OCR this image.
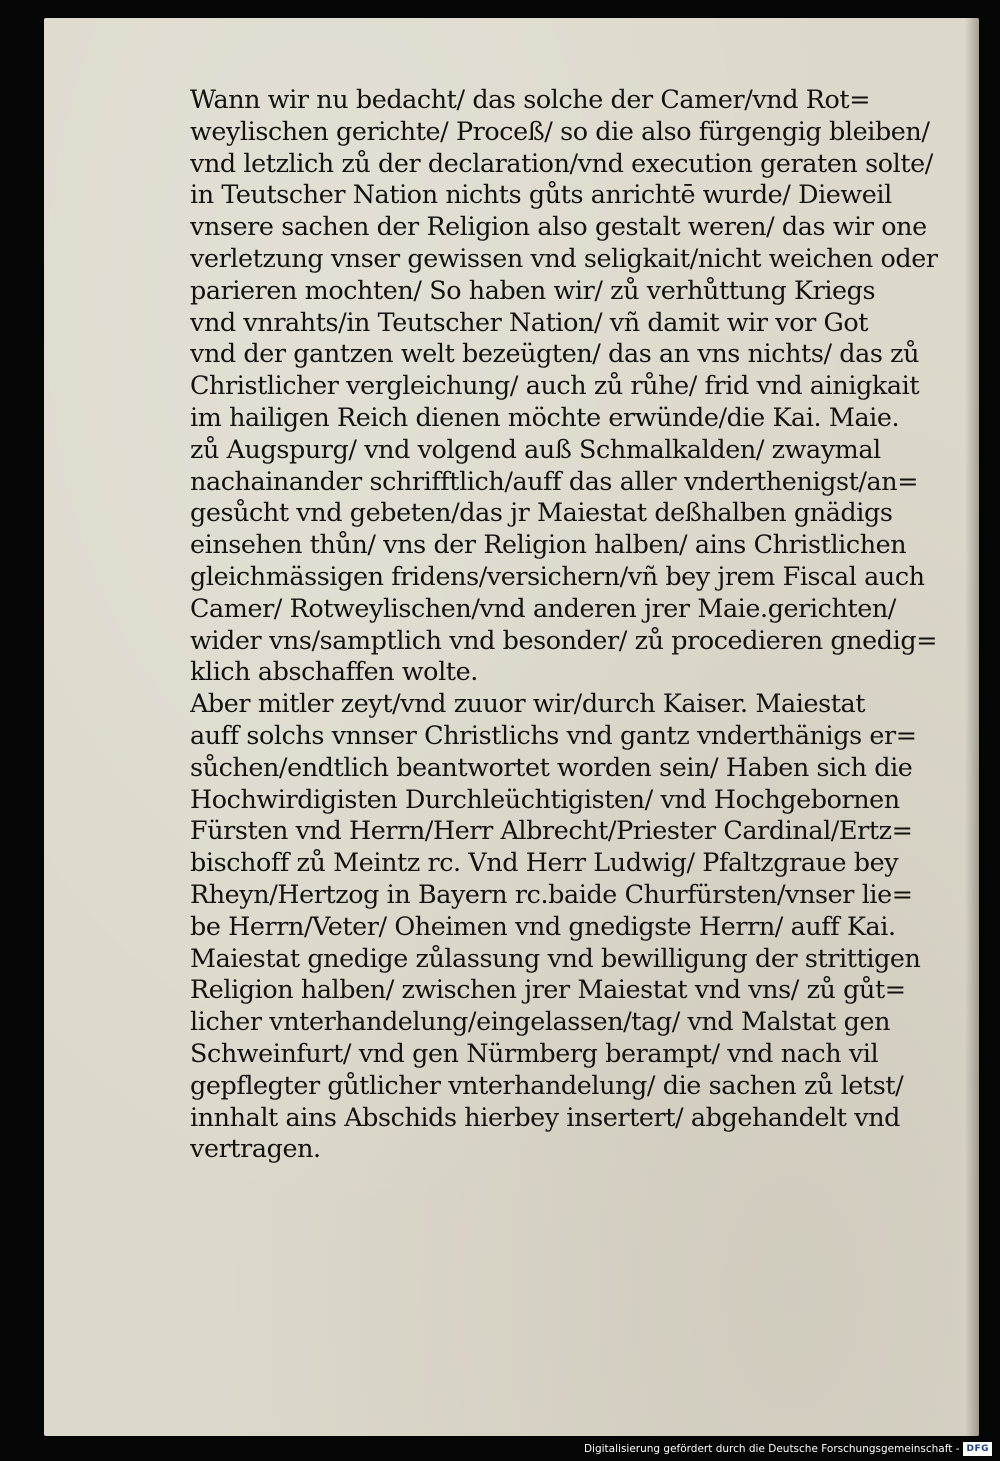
Wann wir nu bedacht/ das solche der Camer/vnd Rot=
weylischen gerichte/ Proceß/ so die also fürgengig bleiben/
vnd letzlich zů der declaration/vnd execution geraten solte/
in Teutscher Nation nichts gůts anrichtē wurde/ Dieweil
vnsere sachen der Religion also gestalt weren/ das wir one
verletzung vnser gewissen vnd seligkait/nicht weichen oder
parieren mochten/ So haben wir/ zů verhůttung Kriegs
vnd vnrahts/in Teutscher Nation/ vñ damit wir vor Got
vnd der gantzen welt bezeügten/ das an vns nichts/ das zů
Christlicher vergleichung/ auch zů růhe/ frid vnd ainigkait
im hailigen Reich dienen möchte erwünde/die Kai. Maie.
zů Augspurg/ vnd volgend auß Schmalkalden/ zwaymal
nachainander schrifftlich/auff das aller vnderthenigst/an=
gesůcht vnd gebeten/das jr Maiestat deßhalben gnädigs
einsehen thůn/ vns der Religion halben/ ains Christlichen
gleichmässigen fridens/versichern/vñ bey jrem Fiscal auch
Camer/ Rotweylischen/vnd anderen jrer Maie.gerichten/
wider vns/samptlich vnd besonder/ zů procedieren gnedig=
klich abschaffen wolte.
Aber mitler zeyt/vnd zuuor wir/durch Kaiser. Maiestat
auff solchs vnnser Christlichs vnd gantz vnderthänigs er=
sůchen/endtlich beantwortet worden sein/ Haben sich die
Hochwirdigisten Durchleüchtigisten/ vnd Hochgebornen
Fürsten vnd Herrn/Herr Albrecht/Priester Cardinal/Ertz=
bischoff zů Meintz rc. Vnd Herr Ludwig/ Pfaltzgraue bey
Rheyn/Hertzog in Bayern rc.baide Churfürsten/vnser lie=
be Herrn/Veter/ Oheimen vnd gnedigste Herrn/ auff Kai.
Maiestat gnedige zůlassung vnd bewilligung der strittigen
Religion halben/ zwischen jrer Maiestat vnd vns/ zů gůt=
licher vnterhandelung/eingelassen/tag/ vnd Malstat gen
Schweinfurt/ vnd gen Nürmberg berampt/ vnd nach vil
gepflegter gůtlicher vnterhandelung/ die sachen zů letst/
innhalt ains Abschids hierbey insertert/ abgehandelt vnd
vertragen.
Digitalisierung gefördert durch die Deutsche Forschungsgemeinschaft - DFG
